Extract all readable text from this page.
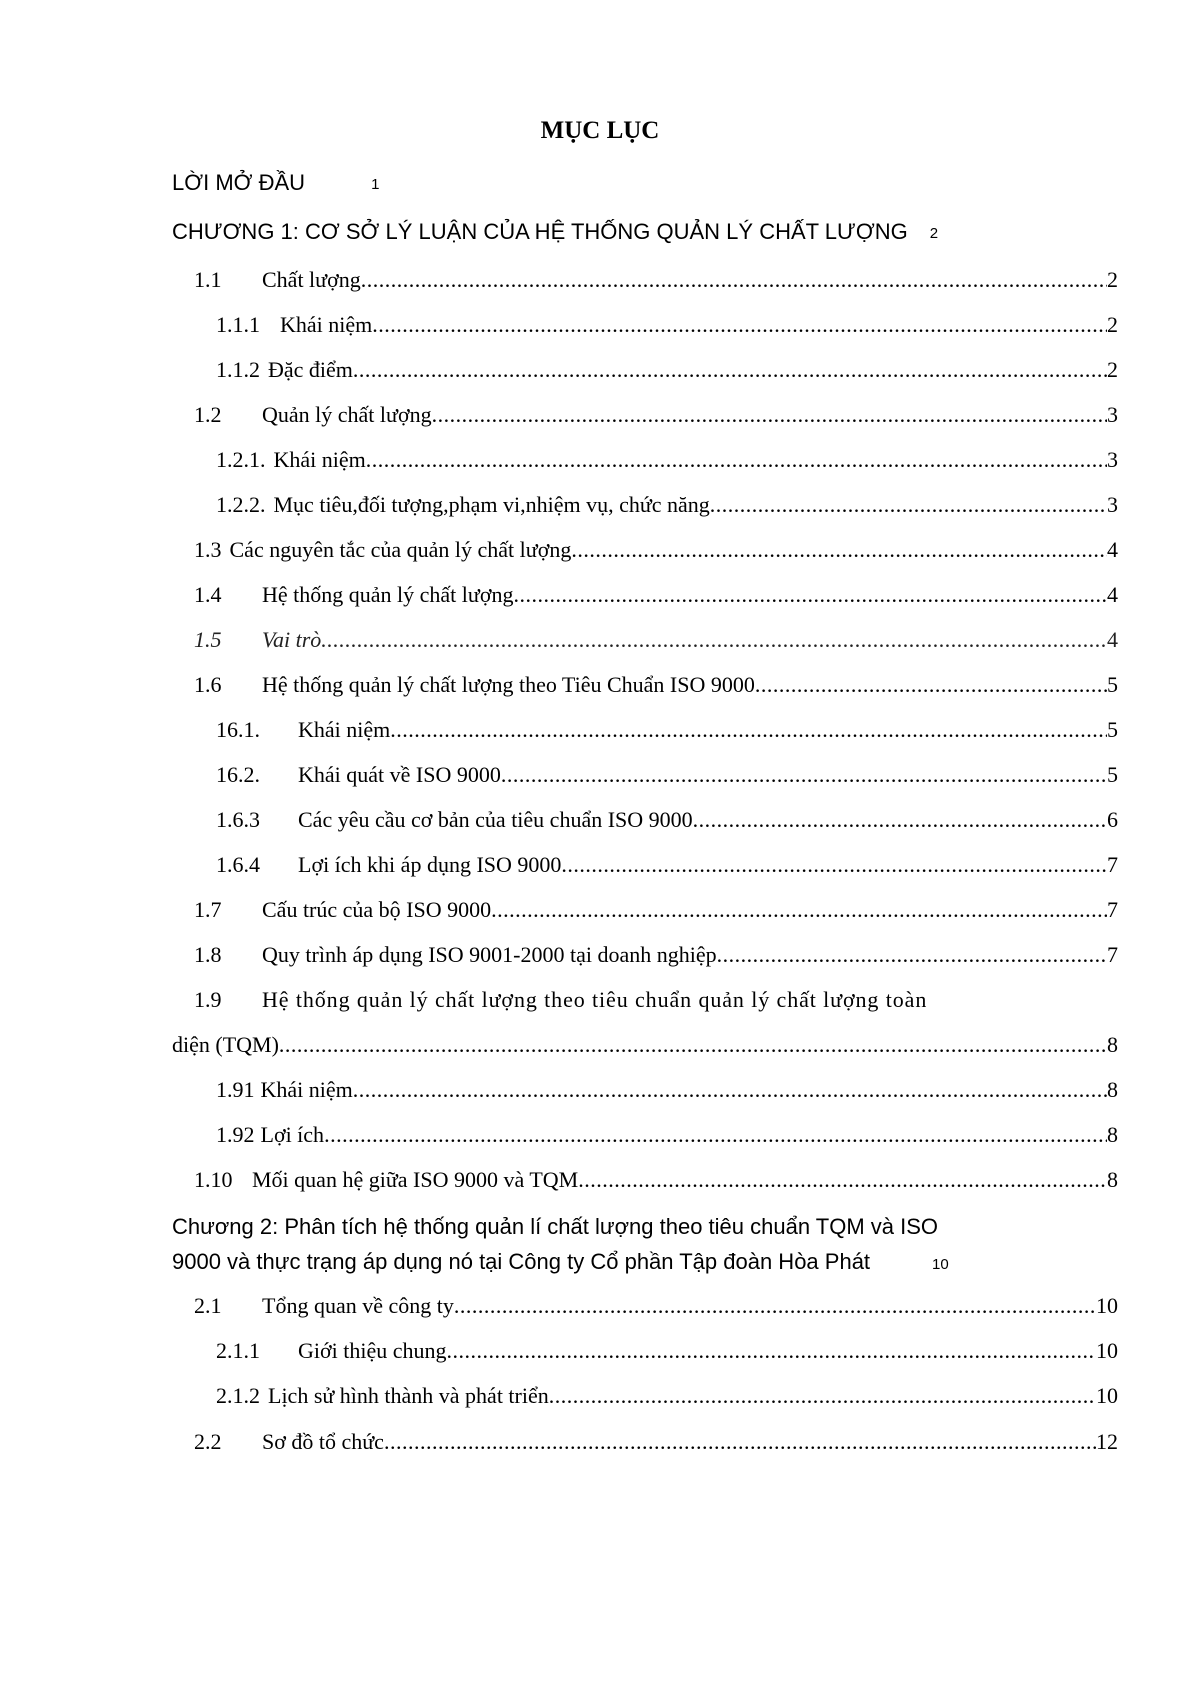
MỤC LỤC
LỜI MỞ ĐẦU	1
CHƯƠNG 1: CƠ SỞ LÝ LUẬN CỦA HỆ THỐNG QUẢN LÝ CHẤT LƯỢNG 2
1.1	Chất lượng .....	2
1.1.1 Khái niệm .....	2
1.1.2 Đặc điểm .....	2
1.2	Quản lý chất lượng .....	3
1.2.1. Khái niệm .....	3
1.2.2. Mục tiêu,đối tượng,phạm vi,nhiệm vụ, chức năng .....	3
1.3 Các nguyên tắc của quản lý chất lượng .....	4
1.4	Hệ thống quản lý chất lượng .....	4
1.5	Vai trò .....	4
1.6	Hệ thống quản lý chất lượng theo Tiêu Chuẩn ISO 9000 .....	5
16.1.	Khái niệm .....	5
16.2.	Khái quát về ISO 9000 .....	5
1.6.3	Các yêu cầu cơ bản của tiêu chuẩn ISO 9000 .....	6
1.6.4	Lợi ích khi áp dụng ISO 9000 .....	7
1.7	Cấu trúc của bộ ISO 9000 .....	7
1.8	Quy trình áp dụng ISO 9001-2000 tại doanh nghiệp .....	7
1.9	Hệ thống quản lý chất lượng theo tiêu chuẩn quản lý chất lượng toàn
diện (TQM) .....	8
1.91 Khái niệm .....	8
1.92 Lợi ích .....	8
1.10 Mối quan hệ giữa ISO 9000 và TQM .....	8
Chương 2: Phân tích hệ thống quản lí chất lượng theo tiêu chuẩn TQM và ISO
9000 và thực trạng áp dụng nó tại Công ty Cổ phần Tập đoàn Hòa Phát	10
2.1	Tổng quan về công ty .....	10
2.1.1	Giới thiệu chung .....	10
2.1.2 Lịch sử hình thành và phát triển .....	10
2.2	Sơ đồ tổ chức .....	12
